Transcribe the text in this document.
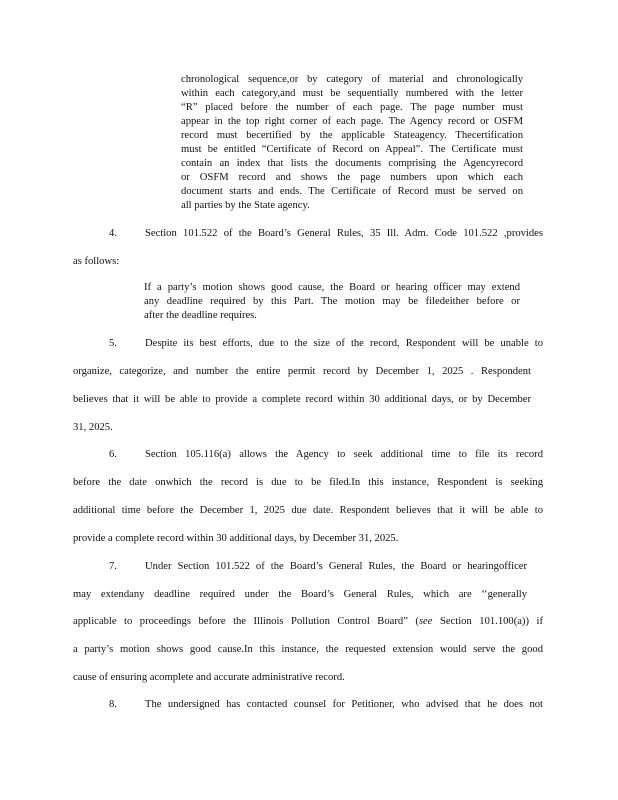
chronological sequence,or by category of material and chronologically
within each category,and must be sequentially numbered with the letter
“R” placed before the number of each page. The page number must
appear in the top right corner of each page. The Agency record or OSFM
record must becertified by the applicable Stateagency. Thecertification
must be entitled “Certificate of Record on Appeal”. The Certificate must
contain an index that lists the documents comprising the Agencyrecord
or OSFM record and shows the page numbers upon which each
document starts and ends. The Certificate of Record must be served on
all parties by the State agency.
4.	Section 101.522 of the Board’s General Rules, 35 Ill. Adm. Code 101.522 ,provides
as follows:
If a party’s motion shows good cause, the Board or hearing officer may extend
any deadline required by this Part. The motion may be filedeither before or
after the deadline requires.
5.	Despite its best efforts, due to the size of the record, Respondent will be unable to
organize, categorize, and number the entire permit record by December 1, 2025 . Respondent
believes that it will be able to provide a complete record within 30 additional days, or by December
31, 2025.
6.	Section 105.116(a) allows the Agency to seek additional time to file its record
before the date onwhich the record is due to be filed.In this instance, Respondent is seeking
additional time before the December 1, 2025 due date. Respondent believes that it will be able to
provide a complete record within 30 additional days, by December 31, 2025.
7.	Under Section 101.522 of the Board’s General Rules, the Board or hearingofficer
may extendany deadline required under the Board’s General Rules, which are ‘‘generally
applicable to proceedings before the Illinois Pollution Control Board” (see Section 101.100(a)) if
a party’s motion shows good cause.In this instance, the requested extension would serve the good
cause of ensuring acomplete and accurate administrative record.
8.	The undersigned has contacted counsel for Petitioner, who advised that he does not
